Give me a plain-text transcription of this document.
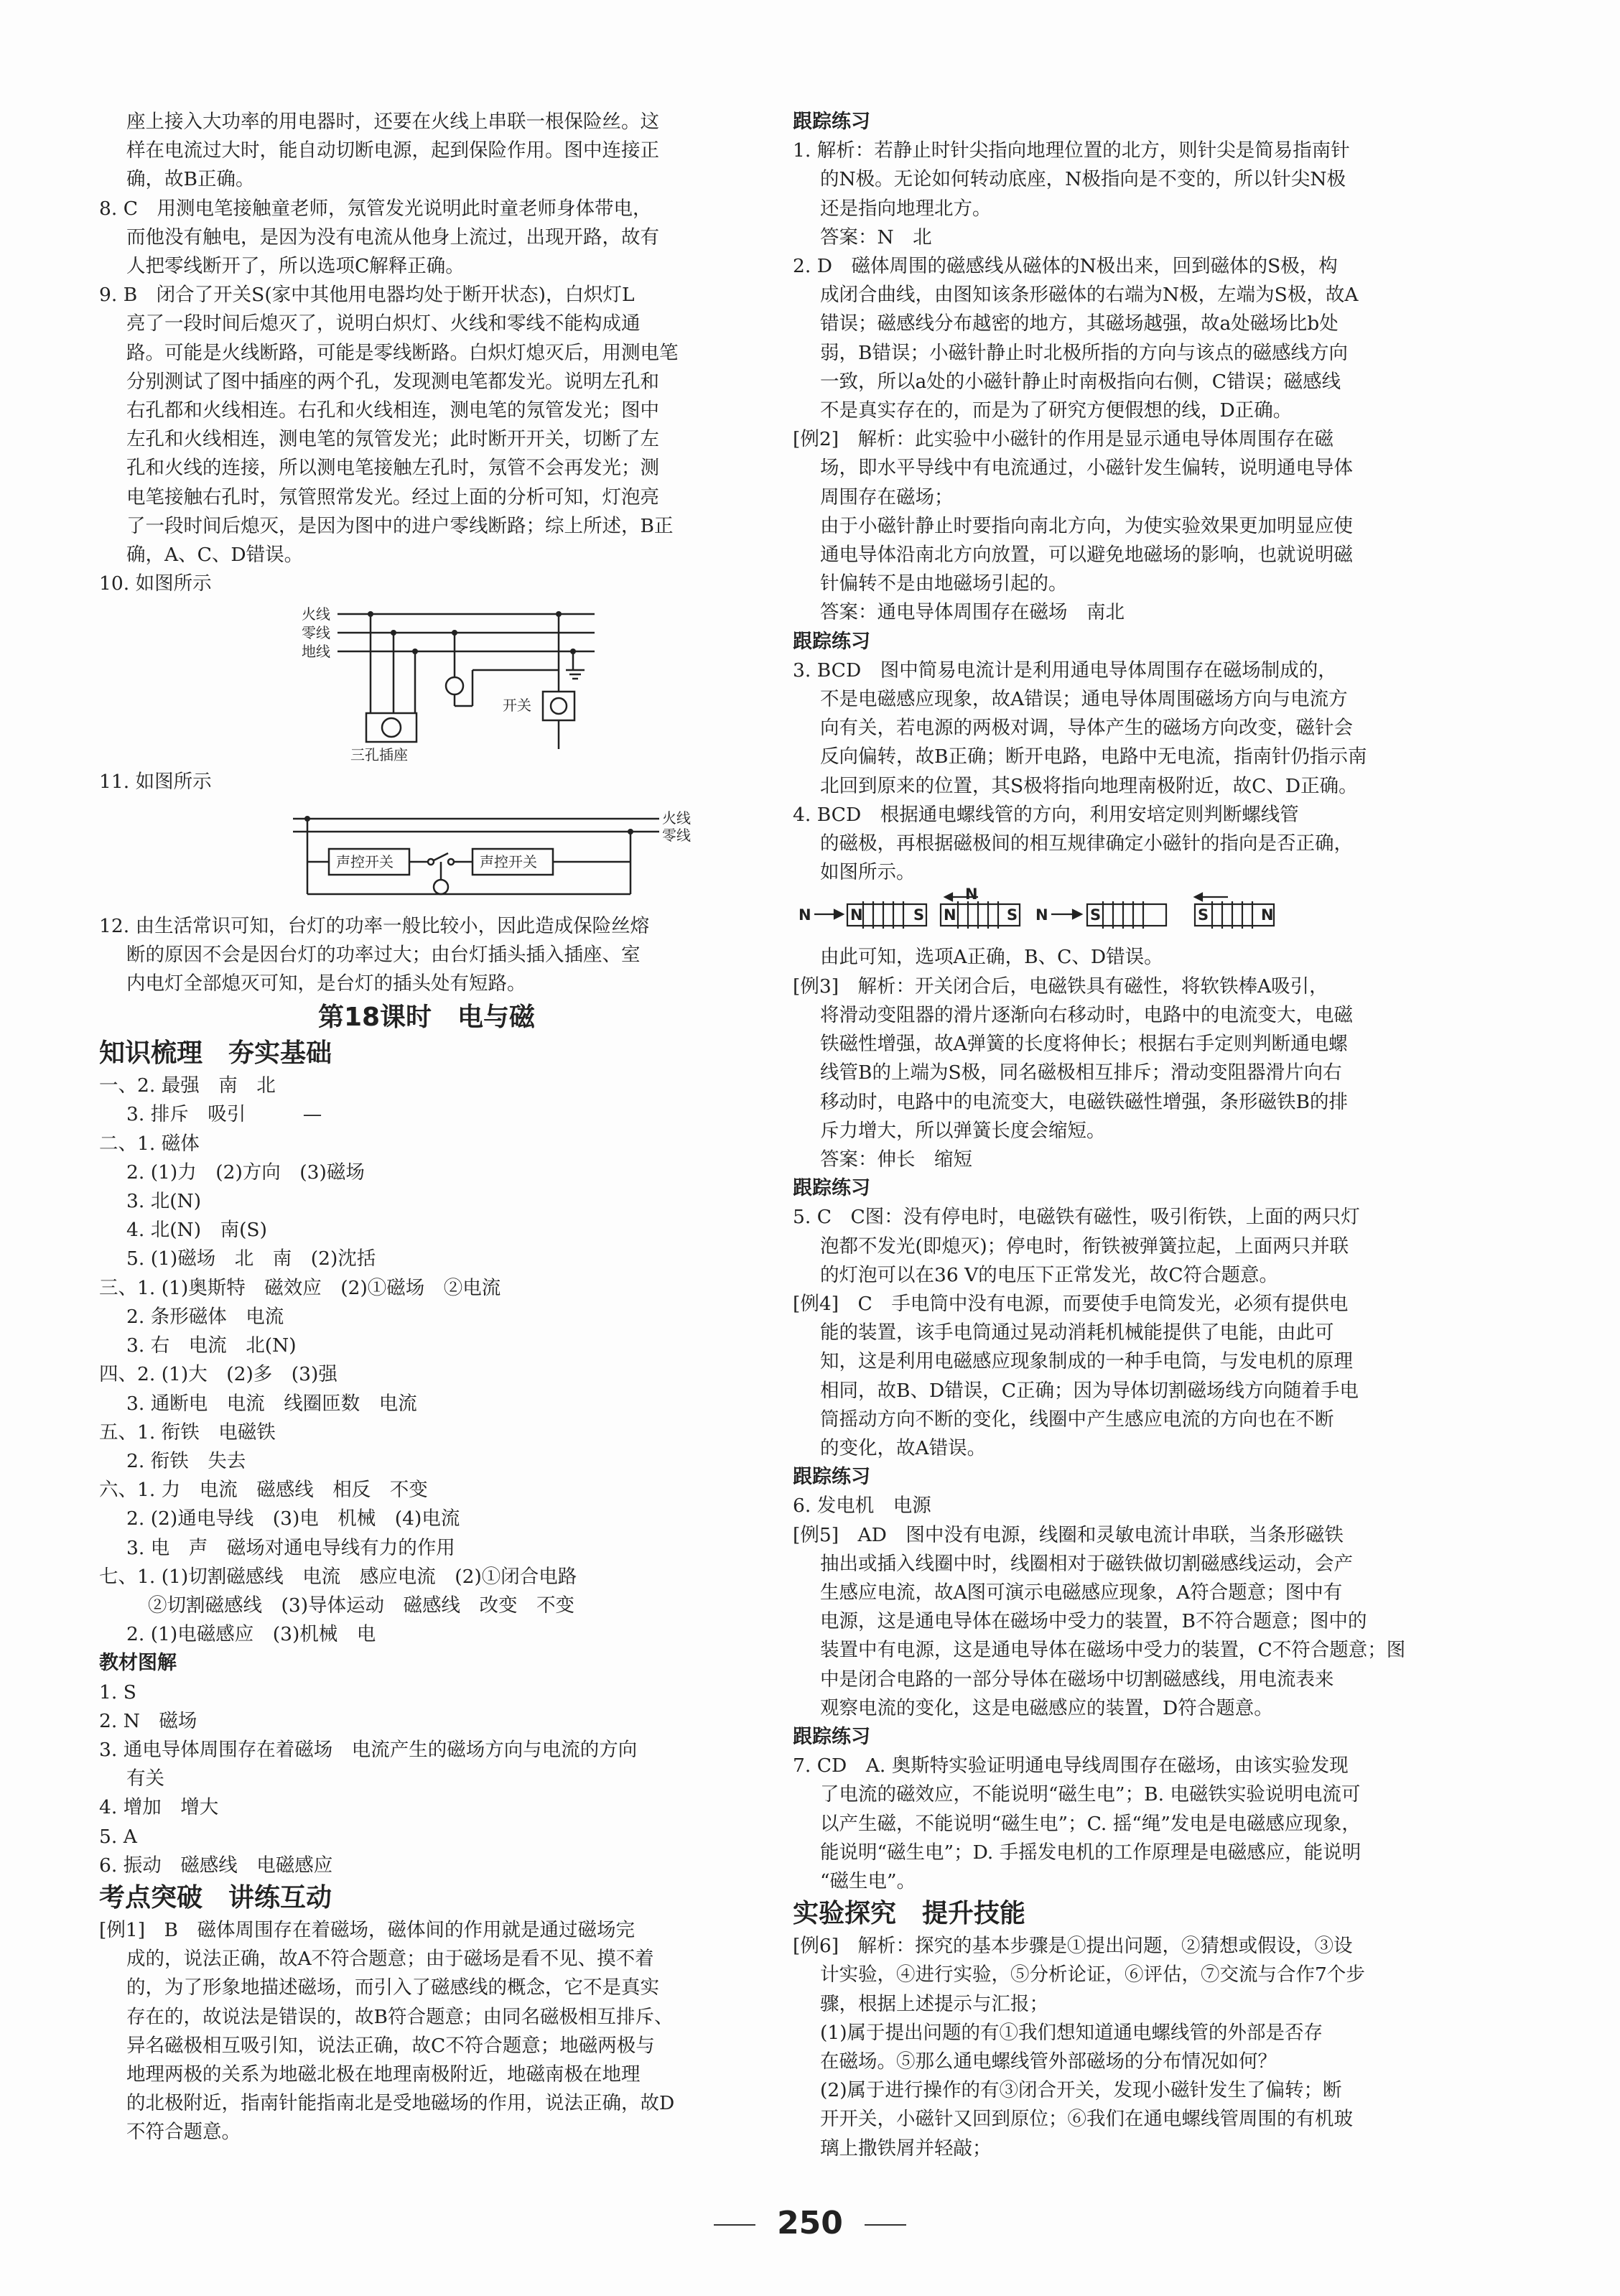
座上接入大功率的用电器时，还要在火线上串联一根保险丝。这

样在电流过大时，能自动切断电源，起到保险作用。图中连接正

确，故B正确。

8. C　用测电笔接触童老师，氖管发光说明此时童老师身体带电，

而他没有触电，是因为没有电流从他身上流过，出现开路，故有

人把零线断开了，所以选项C解释正确。

9. B　闭合了开关S(家中其他用电器均处于断开状态)，白炽灯L

亮了一段时间后熄灭了，说明白炽灯、火线和零线不能构成通

路。可能是火线断路，可能是零线断路。白炽灯熄灭后，用测电笔

分别测试了图中插座的两个孔，发现测电笔都发光。说明左孔和

右孔都和火线相连。右孔和火线相连，测电笔的氖管发光；图中

左孔和火线相连，测电笔的氖管发光；此时断开开关，切断了左

孔和火线的连接，所以测电笔接触左孔时，氖管不会再发光；测

电笔接触右孔时，氖管照常发光。经过上面的分析可知，灯泡亮

了一段时间后熄灭，是因为图中的进户零线断路；综上所述，B正

确，A、C、D错误。

10. 如图所示

火线
零线
地线
三孔插座
开关

11. 如图所示

火线
零线
声控开关	声控开关

12. 由生活常识可知，台灯的功率一般比较小，因此造成保险丝熔

断的原因不会是因台灯的功率过大；由台灯插头插入插座、室

内电灯全部熄灭可知，是台灯的插头处有短路。

第18课时　电与磁

知识梳理　夯实基础

一、2. 最强　南　北

3. 排斥　吸引　　　—

二、1. 磁体

2. (1)力　(2)方向　(3)磁场

3. 北(N)

4. 北(N)　南(S)

5. (1)磁场　北　南　(2)沈括

三、1. (1)奥斯特　磁效应　(2)①磁场　②电流

2. 条形磁体　电流

3. 右　电流　北(N)

四、2. (1)大　(2)多　(3)强

3. 通断电　电流　线圈匝数　电流

五、1. 衔铁　电磁铁

2. 衔铁　失去

六、1. 力　电流　磁感线　相反　不变

2. (2)通电导线　(3)电　机械　(4)电流

3. 电　声　磁场对通电导线有力的作用

七、1. (1)切割磁感线　电流　感应电流　(2)①闭合电路

②切割磁感线　(3)导体运动　磁感线　改变　不变

2. (1)电磁感应　(3)机械　电

教材图解

1. S

2. N　磁场

3. 通电导体周围存在着磁场　电流产生的磁场方向与电流的方向

有关

4. 增加　增大

5. A

6. 振动　磁感线　电磁感应

考点突破　讲练互动

[例1]　B　磁体周围存在着磁场，磁体间的作用就是通过磁场完

成的，说法正确，故A不符合题意；由于磁场是看不见、摸不着

的，为了形象地描述磁场，而引入了磁感线的概念，它不是真实

存在的，故说法是错误的，故B符合题意；由同名磁极相互排斥、

异名磁极相互吸引知，说法正确，故C不符合题意；地磁两极与

地理两极的关系为地磁北极在地理南极附近，地磁南极在地理

的北极附近，指南针能指南北是受地磁场的作用，说法正确，故D

不符合题意。

跟踪练习

1. 解析：若静止时针尖指向地理位置的北方，则针尖是简易指南针

的N极。无论如何转动底座，N极指向是不变的，所以针尖N极

还是指向地理北方。

答案：N　北

2. D　磁体周围的磁感线从磁体的N极出来，回到磁体的S极，构

成闭合曲线，由图知该条形磁体的右端为N极，左端为S极，故A

错误；磁感线分布越密的地方，其磁场越强，故a处磁场比b处

弱，B错误；小磁针静止时北极所指的方向与该点的磁感线方向

一致，所以a处的小磁针静止时南极指向右侧，C错误；磁感线

不是真实存在的，而是为了研究方便假想的线，D正确。

[例2]　解析：此实验中小磁针的作用是显示通电导体周围存在磁

场，即水平导线中有电流通过，小磁针发生偏转，说明通电导体

周围存在磁场；

由于小磁针静止时要指向南北方向，为使实验效果更加明显应使

通电导体沿南北方向放置，可以避免地磁场的影响，也就说明磁

针偏转不是由地磁场引起的。

答案：通电导体周围存在磁场　南北

跟踪练习

3. BCD　图中简易电流计是利用通电导体周围存在磁场制成的，

不是电磁感应现象，故A错误；通电导体周围磁场方向与电流方

向有关，若电源的两极对调，导体产生的磁场方向改变，磁针会

反向偏转，故B正确；断开电路，电路中无电流，指南针仍指示南

北回到原来的位置，其S极将指向地理南极附近，故C、D正确。

4. BCD　根据通电螺线管的方向，利用安培定则判断螺线管

的磁极，再根据磁极间的相互规律确定小磁针的指向是否正确，

如图所示。

N	N	S
N
N	S N	S	S	N

由此可知，选项A正确，B、C、D错误。

[例3]　解析：开关闭合后，电磁铁具有磁性，将软铁棒A吸引，

将滑动变阻器的滑片逐渐向右移动时，电路中的电流变大，电磁

铁磁性增强，故A弹簧的长度将伸长；根据右手定则判断通电螺

线管B的上端为S极，同名磁极相互排斥；滑动变阻器滑片向右

移动时，电路中的电流变大，电磁铁磁性增强，条形磁铁B的排

斥力增大，所以弹簧长度会缩短。

答案：伸长　缩短

跟踪练习

5. C　C图：没有停电时，电磁铁有磁性，吸引衔铁，上面的两只灯

泡都不发光(即熄灭)；停电时，衔铁被弹簧拉起，上面两只并联

的灯泡可以在36 V的电压下正常发光，故C符合题意。

[例4]　C　手电筒中没有电源，而要使手电筒发光，必须有提供电

能的装置，该手电筒通过晃动消耗机械能提供了电能，由此可

知，这是利用电磁感应现象制成的一种手电筒，与发电机的原理

相同，故B、D错误，C正确；因为导体切割磁场线方向随着手电

筒摇动方向不断的变化，线圈中产生感应电流的方向也在不断

的变化，故A错误。

跟踪练习

6. 发电机　电源

[例5]　AD　图中没有电源，线圈和灵敏电流计串联，当条形磁铁

抽出或插入线圈中时，线圈相对于磁铁做切割磁感线运动，会产

生感应电流，故A图可演示电磁感应现象，A符合题意；图中有

电源，这是通电导体在磁场中受力的装置，B不符合题意；图中的

装置中有电源，这是通电导体在磁场中受力的装置，C不符合题意；图

中是闭合电路的一部分导体在磁场中切割磁感线，用电流表来

观察电流的变化，这是电磁感应的装置，D符合题意。

跟踪练习

7. CD　A. 奥斯特实验证明通电导线周围存在磁场，由该实验发现

了电流的磁效应，不能说明“磁生电”；B. 电磁铁实验说明电流可

以产生磁，不能说明“磁生电”；C. 摇“绳”发电是电磁感应现象，

能说明“磁生电”；D. 手摇发电机的工作原理是电磁感应，能说明

“磁生电”。

实验探究　提升技能

[例6]　解析：探究的基本步骤是①提出问题，②猜想或假设，③设

计实验，④进行实验，⑤分析论证，⑥评估，⑦交流与合作7个步

骤，根据上述提示与汇报；

(1)属于提出问题的有①我们想知道通电螺线管的外部是否存

在磁场。⑤那么通电螺线管外部磁场的分布情况如何？

(2)属于进行操作的有③闭合开关，发现小磁针发生了偏转；断

开开关，小磁针又回到原位；⑥我们在通电螺线管周围的有机玻

璃上撒铁屑并轻敲；

250
